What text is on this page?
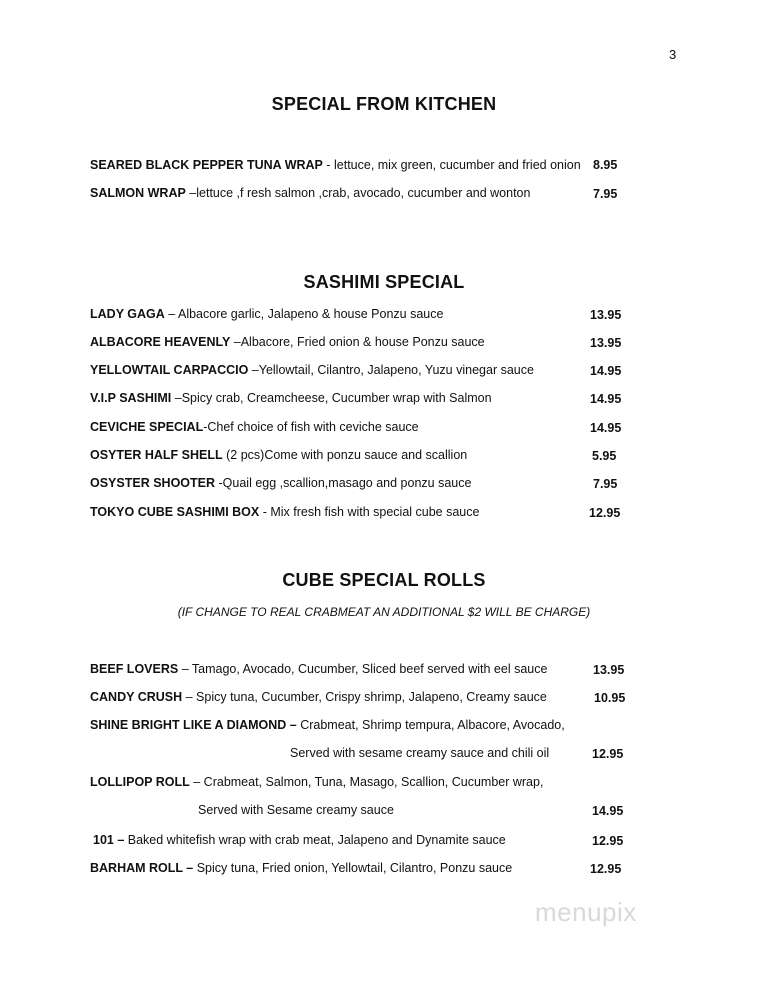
3
SPECIAL FROM KITCHEN
SEARED BLACK PEPPER TUNA WRAP - lettuce, mix green, cucumber and fried onion 8.95
SALMON WRAP –lettuce ,f resh salmon ,crab, avocado, cucumber and wonton	7.95
SASHIMI SPECIAL
LADY GAGA – Albacore garlic, Jalapeno & house Ponzu sauce	13.95
ALBACORE HEAVENLY –Albacore, Fried onion & house Ponzu sauce	13.95
YELLOWTAIL CARPACCIO –Yellowtail, Cilantro, Jalapeno, Yuzu vinegar sauce	14.95
V.I.P SASHIMI –Spicy crab, Creamcheese, Cucumber wrap with Salmon	14.95
CEVICHE SPECIAL-Chef choice of fish with ceviche sauce	14.95
OSYTER HALF SHELL (2 pcs)Come with ponzu sauce and scallion	5.95
OSYSTER SHOOTER -Quail egg ,scallion,masago and ponzu sauce	7.95
TOKYO CUBE SASHIMI BOX - Mix fresh fish with special cube sauce	12.95
CUBE SPECIAL ROLLS
(IF CHANGE TO REAL CRABMEAT AN ADDITIONAL $2 WILL BE CHARGE)
BEEF LOVERS – Tamago, Avocado, Cucumber, Sliced beef served with eel sauce	13.95
CANDY CRUSH – Spicy tuna, Cucumber, Crispy shrimp, Jalapeno, Creamy sauce	10.95
SHINE BRIGHT LIKE A DIAMOND – Crabmeat, Shrimp tempura, Albacore, Avocado,
Served with sesame creamy sauce and chili oil	12.95
LOLLIPOP ROLL – Crabmeat, Salmon, Tuna, Masago, Scallion, Cucumber wrap,
Served with Sesame creamy sauce	14.95
101 – Baked whitefish wrap with crab meat, Jalapeno and Dynamite sauce	12.95
BARHAM ROLL – Spicy tuna, Fried onion, Yellowtail, Cilantro, Ponzu sauce	12.95
menupix
